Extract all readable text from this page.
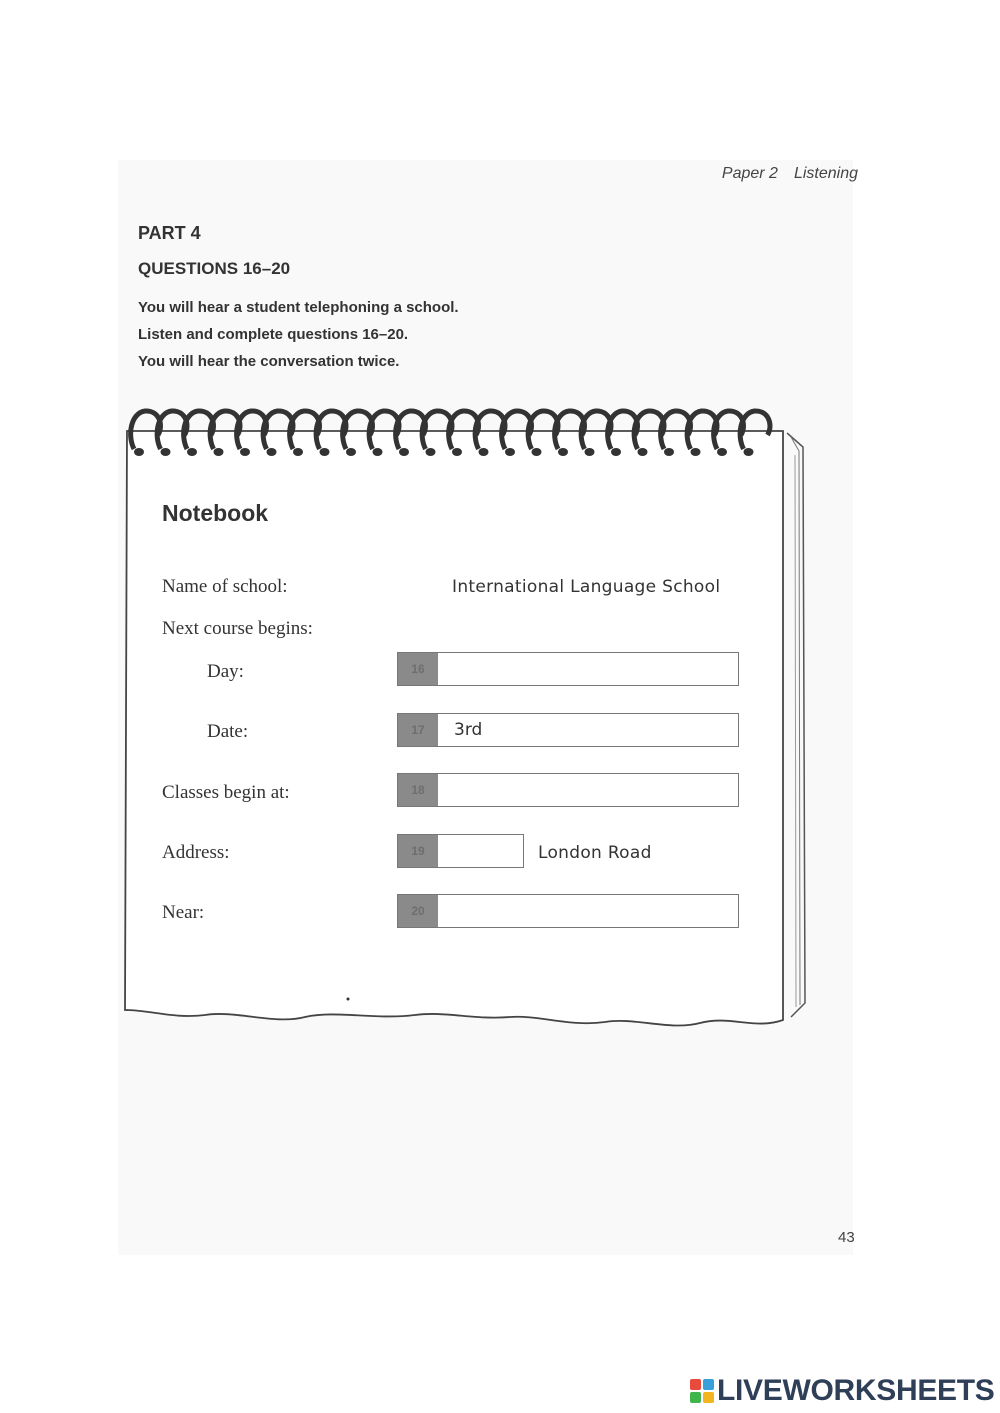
Paper 2 Listening
PART 4
QUESTIONS 16–20
You will hear a student telephoning a school.
Listen and complete questions 16–20.
You will hear the conversation twice.
Notebook
Name of school:	International Language School
Next course begins:
Day:	16
Date:	17	3rd
Classes begin at:	18
Address:	19	London Road
Near:	20
43
LIVEWORKSHEETS
